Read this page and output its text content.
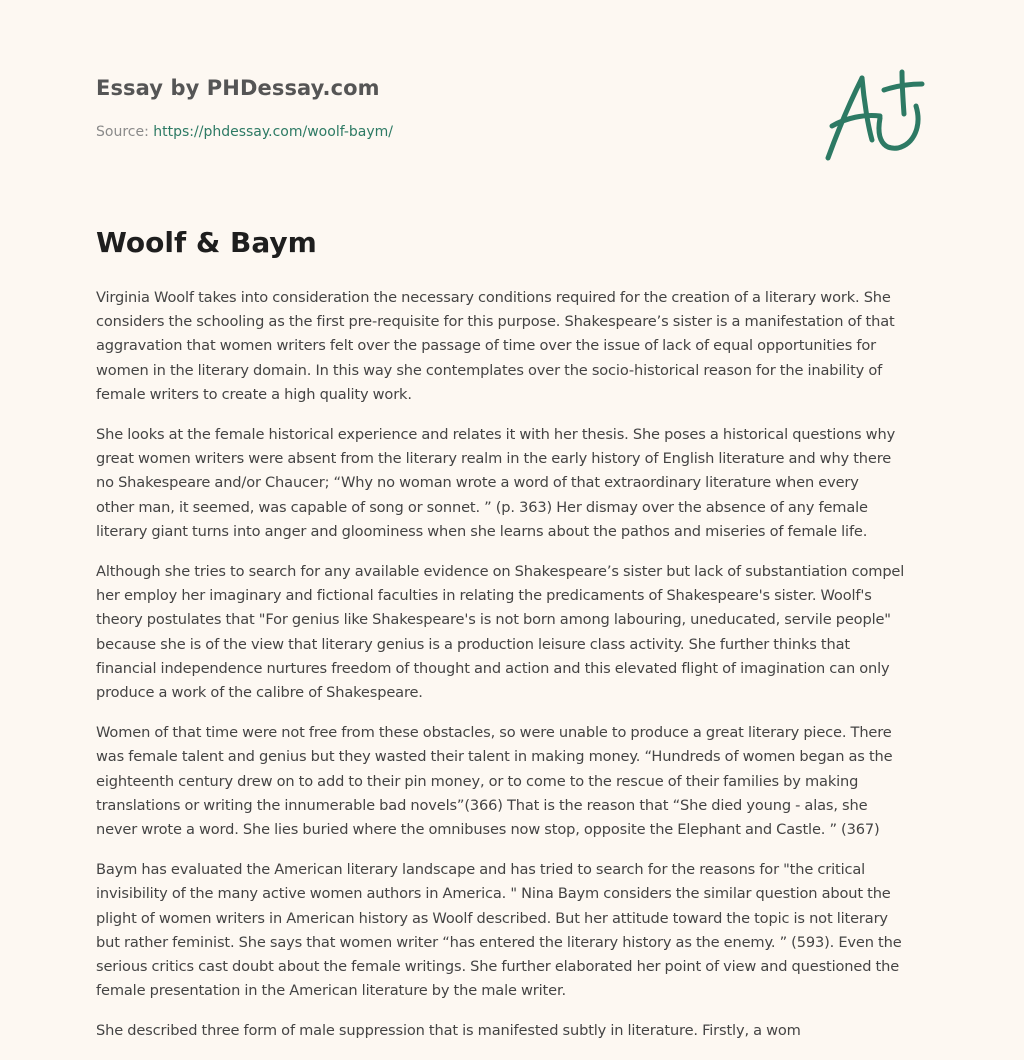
Essay by PHDessay.com
Source: https://phdessay.com/woolf-baym/
Woolf & Baym

Virginia Woolf takes into consideration the necessary conditions required for the creation of a literary work. She
considers the schooling as the first pre-requisite for this purpose. Shakespeare’s sister is a manifestation of that
aggravation that women writers felt over the passage of time over the issue of lack of equal opportunities for
women in the literary domain. In this way she contemplates over the socio-historical reason for the inability of
female writers to create a high quality work.

She looks at the female historical experience and relates it with her thesis. She poses a historical questions why
great women writers were absent from the literary realm in the early history of English literature and why there
no Shakespeare and/or Chaucer; “Why no woman wrote a word of that extraordinary literature when every
other man, it seemed, was capable of song or sonnet. ” (p. 363) Her dismay over the absence of any female
literary giant turns into anger and gloominess when she learns about the pathos and miseries of female life.

Although she tries to search for any available evidence on Shakespeare’s sister but lack of substantiation compel
her employ her imaginary and fictional faculties in relating the predicaments of Shakespeare's sister. Woolf's
theory postulates that "For genius like Shakespeare's is not born among labouring, uneducated, servile people"
because she is of the view that literary genius is a production leisure class activity. She further thinks that
financial independence nurtures freedom of thought and action and this elevated flight of imagination can only
produce a work of the calibre of Shakespeare.

Women of that time were not free from these obstacles, so were unable to produce a great literary piece. There
was female talent and genius but they wasted their talent in making money. “Hundreds of women began as the
eighteenth century drew on to add to their pin money, or to come to the rescue of their families by making
translations or writing the innumerable bad novels”(366) That is the reason that “She died young - alas, she
never wrote a word. She lies buried where the omnibuses now stop, opposite the Elephant and Castle. ” (367)

Baym has evaluated the American literary landscape and has tried to search for the reasons for "the critical
invisibility of the many active women authors in America. " Nina Baym considers the similar question about the
plight of women writers in American history as Woolf described. But her attitude toward the topic is not literary
but rather feminist. She says that women writer “has entered the literary history as the enemy. ” (593). Even the
serious critics cast doubt about the female writings. She further elaborated her point of view and questioned the
female presentation in the American literature by the male writer.

She described three form of male suppression that is manifested subtly in literature. Firstly, a wom
